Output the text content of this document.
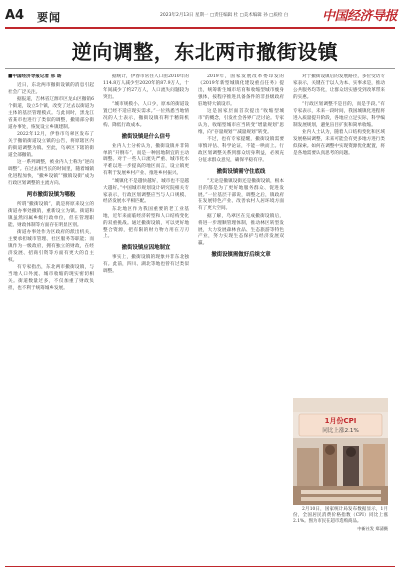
A4 要闻	2023年2月13日 星期一 □责任编辑 杜 □美术编辑 孙 □质检 白	中国经济导报
逆向调整，东北两市撤街设镇
■中国经济导报记者 邢 旸

近日，东北两市撤街设镇的消息引起社会广泛关注。

据报道，吉林省辽源市区龙山区撤销6个街道，设立5个镇，改变了过去以街道为主体的基层管理模式。与此同时，黑龙江省某市也进行了类似的调整，撤销部分街道办事处，恢复设立乡镇建制。

2022年12月，伊春市乌翠区发布了关于撤销街道设立镇的公告，将原辖区内的街道调整为镇。至此，乌翠区下辖的街道全部撤销。

这一系列调整，被业内人士称为“逆向调整”。在过去相当长的时间里，随着城镇化进程加快，“撤乡设镇”“撤镇设街”成为行政区划调整的主流方向。

两市撤街设镇为哪般

所谓“撤街设镇”，就是将原来设立的街道办事处撤销，重新设立为镇。街道和镇虽然同属乡级行政单位，但在管理职能、财政体制等方面存在明显区别。

街道办事处作为区政府的派出机关，主要承担城市管理、社区服务等职能；而镇作为一级政府，拥有独立的财政，在经济发展、招商引资等方面有更大的自主权。

有专家指出，东北两市撤街设镇，与当地人口外流、城市收缩的现实密切相关。街道数量过多，不仅加重了财政负担，也不利于统筹城乡发展。

据统计，伊春市常住人口由2010年的114.8万人减少至2020年的87.9万人，十年间减少了约27万人，人口流失问题较为突出。

“城市规模小、人口少，原本的街道设置已经不适应现实需求。”一位熟悉当地情况的人士表示，撤街设镇有利于精简机构、降低行政成本。

撤街设镇是什么信号

业内人士分析认为，撤街设镇并非简单的“开倒车”，而是一种因地制宜的主动调整。对于一些人口流失严重、城市化水平难以进一步提高的地区而言，设立镇更有利于发展乡村产业、推进乡村振兴。

“城镇化不是越快越好，城市也不是越大越好。”中国城市规划设计研究院相关专家表示，行政区划调整应当与人口规模、经济发展水平相匹配。

东北地区作为我国重要的老工业基地，近年来面临经济转型和人口结构变化的双重挑战。通过撤街设镇，可以更好地整合资源，把有限的财力物力用在刀刃上。

撤街设镇应因地制宜

事实上，撤街设镇的现象并非东北独有。此前，四川、湖北等地也曾有过类似调整。

2019年，国家发展改革委印发的《2019年新型城镇化建设重点任务》提出，统筹新生城市培育和收缩型城市瘦身强体，按程序推进具备条件的非县级政府驻地特大镇设市。

这是国家层面首次提出“收缩型城市”的概念，引发社会各界广泛讨论。专家认为，收缩型城市应当转变“增量规划”思维，向“存量规划”“减量规划”转变。

不过，也有专家提醒，撤街设镇需要审慎评估、科学论证，不能一哄而上。行政区划调整关系到群众切身利益，必须充分征求群众意见，确保平稳有序。

撤街设镇需守住底线

“无论是撤镇设街还是撤街设镇，根本目的都是为了更好地服务群众、促进发展。”一位基层干部说，调整之后，镇政府在发展特色产业、改善农村人居环境方面有了更大空间。

据了解，乌翠区在完成撤街设镇后，将进一步理顺管理体制，推动林区转型发展，大力发展森林食品、生态旅游等特色产业，努力实现生态保护与经济发展双赢。

撤街设镇需做好后续文章

对于撤街设镇后的发展路径，多位受访专家表示，关键在于以人为本、实事求是，推动公共服务均等化，让群众切实感受到改革带来的实惠。

“行政区划调整不是目的，而是手段。”有专家表示，未来一段时间，我国城镇化进程将进入质量提升阶段，各地应立足实际，科学编制发展规划，避免盲目扩张和简单收缩。

业内人士认为，随着人口结构变化和区域发展格局调整，未来可能会有更多地方进行类似探索。如何在调整中实现资源优化配置，将是各地需要认真思考的问题。

1月份CPI
同比上涨2.1%

2月10日，国家统计局发布数据显示，1月份，全国居民消费价格指数（CPI）同比上涨2.1%。图为市民在超市选购商品。

中新社发 郑清摄
